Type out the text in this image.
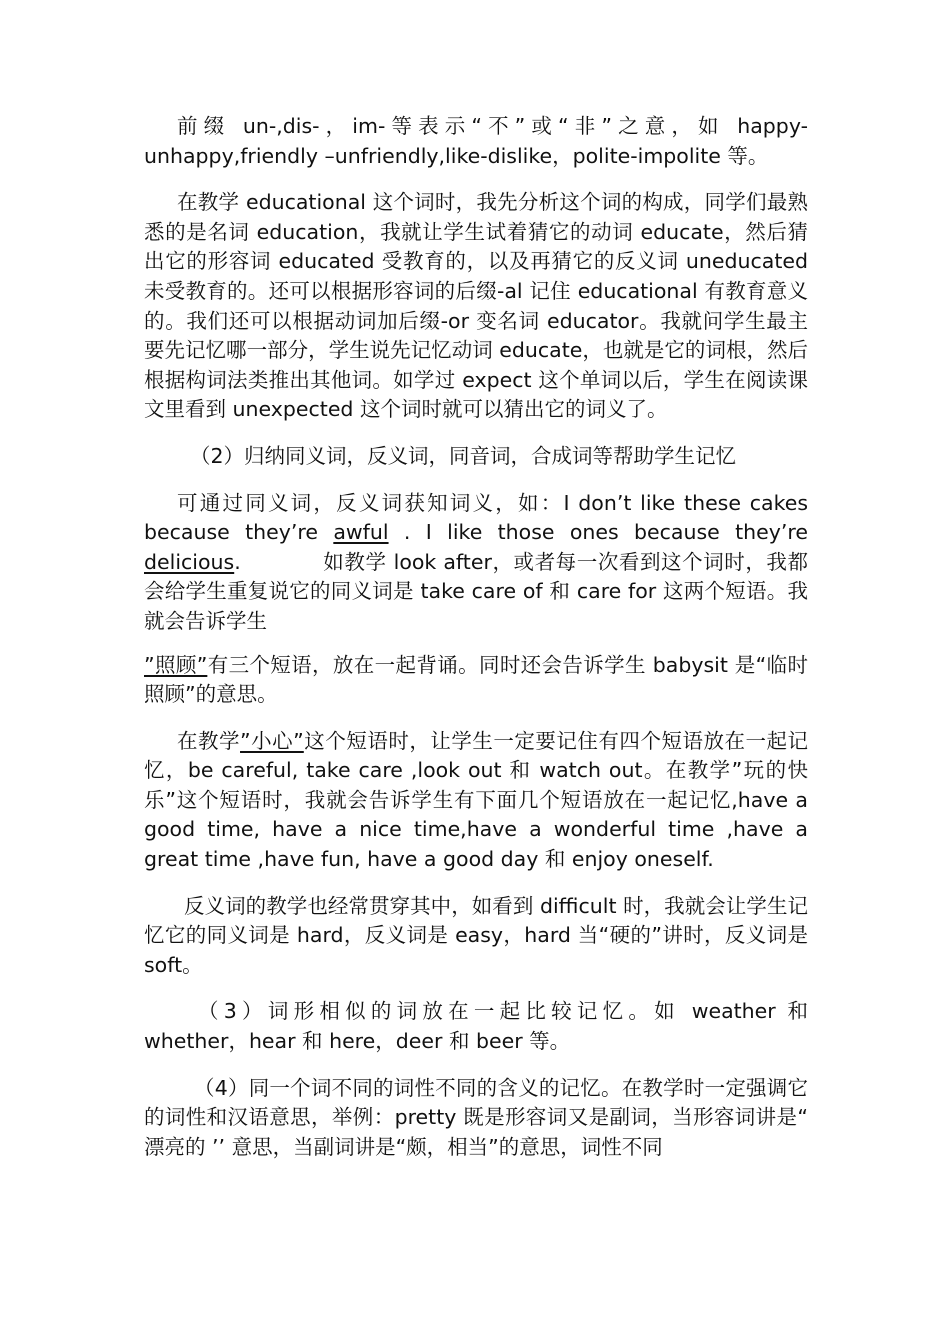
前缀 un-,dis-，im-等表示“不”或“非”之意，如 happy-unhappy,friendly –unfriendly,like-dislike，polite-impolite 等。

在教学 educational 这个词时，我先分析这个词的构成，同学们最熟悉的是名词 education，我就让学生试着猜它的动词 educate，然后猜出它的形容词 educated 受教育的，以及再猜它的反义词 uneducated 未受教育的。还可以根据形容词的后缀-al 记住 educational 有教育意义的。我们还可以根据动词加后缀-or 变名词 educator。我就问学生最主要先记忆哪一部分，学生说先记忆动词 educate，也就是它的词根，然后根据构词法类推出其他词。如学过 expect 这个单词以后，学生在阅读课文里看到 unexpected 这个词时就可以猜出它的词义了。

（2）归纳同义词，反义词，同音词，合成词等帮助学生记忆

可通过同义词，反义词获知词义，如：I don’t like these cakes because they’re awful . I like those ones because they’re delicious.	如教学 look after，或者每一次看到这个词时，我都会给学生重复说它的同义词是 take care of 和 care for 这两个短语。我就会告诉学生

”照顾”有三个短语，放在一起背诵。同时还会告诉学生 babysit 是“临时照顾”的意思。

在教学”小心”这个短语时，让学生一定要记住有四个短语放在一起记忆，be careful, take care ,look out 和 watch out。在教学”玩的快乐”这个短语时，我就会告诉学生有下面几个短语放在一起记忆,have a good time, have a nice time,have a wonderful time ,have a great time ,have fun, have a good day 和 enjoy oneself.

反义词的教学也经常贯穿其中，如看到 difficult 时，我就会让学生记忆它的同义词是 hard，反义词是 easy，hard 当“硬的”讲时，反义词是 soft。

（3）词形相似的词放在一起比较记忆。如 weather 和 whether，hear 和 here，deer 和 beer 等。

（4）同一个词不同的词性不同的含义的记忆。在教学时一定强调它的词性和汉语意思，举例：pretty 既是形容词又是副词，当形容词讲是“ 漂亮的 ’’ 意思，当副词讲是“颇，相当”的意思，词性不同
